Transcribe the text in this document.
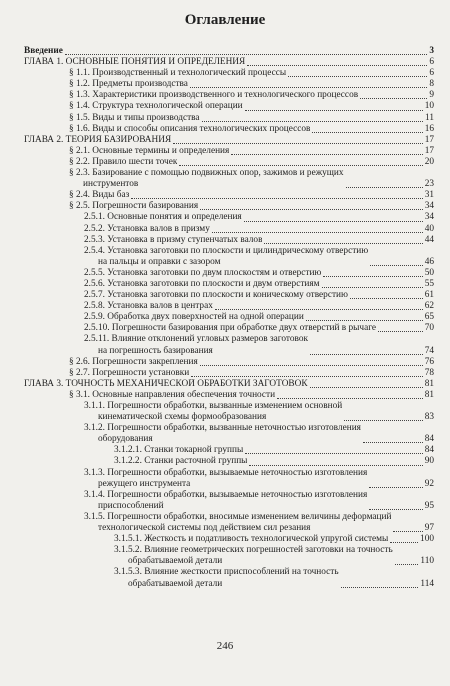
Оглавление
Введение	3
ГЛАВА 1. ОСНОВНЫЕ ПОНЯТИЯ И ОПРЕДЕЛЕНИЯ	6
§ 1.1. Производственный и технологический процессы	6
§ 1.2. Предметы производства	8
§ 1.3. Характеристики производственного и технологического процессов	9
§ 1.4. Структура технологической операции	10
§ 1.5. Виды и типы производства	11
§ 1.6. Виды и способы описания технологических процессов	16
ГЛАВА 2. ТЕОРИЯ БАЗИРОВАНИЯ	17
§ 2.1. Основные термины и определения	17
§ 2.2. Правило шести точек	20
§ 2.3. Базирование с помощью подвижных опор, зажимов и режущих
инструментов	23
§ 2.4. Виды баз	31
§ 2.5. Погрешности базирования	34
2.5.1. Основные понятия и определения	34
2.5.2. Установка валов в призму	40
2.5.3. Установка в призму ступенчатых валов	44
2.5.4. Установка заготовки по плоскости и цилиндрическому отверстию
на пальцы и оправки с зазором	46
2.5.5. Установка заготовки по двум плоскостям и отверстию	50
2.5.6. Установка заготовки по плоскости и двум отверстиям	55
2.5.7. Установка заготовки по плоскости и коническому отверстию	61
2.5.8. Установка валов в центрах	62
2.5.9. Обработка двух поверхностей на одной операции	65
2.5.10. Погрешности базирования при обработке двух отверстий в рычаге	70
2.5.11. Влияние отклонений угловых размеров заготовок
на погрешность базирования	74
§ 2.6. Погрешности закрепления	76
§ 2.7. Погрешности установки	78
ГЛАВА 3. ТОЧНОСТЬ МЕХАНИЧЕСКОЙ ОБРАБОТКИ ЗАГОТОВОК	81
§ 3.1. Основные направления обеспечения точности	81
3.1.1. Погрешности обработки, вызванные изменением основной
кинематической схемы формообразования	83
3.1.2. Погрешности обработки, вызванные неточностью изготовления
оборудования	84
3.1.2.1. Станки токарной группы	84
3.1.2.2. Станки расточной группы	90
3.1.3. Погрешности обработки, вызываемые неточностью изготовления
режущего инструмента	92
3.1.4. Погрешности обработки, вызываемые неточностью изготовления
приспособлений	95
3.1.5. Погрешности обработки, вносимые изменением величины деформаций
технологической системы под действием сил резания	97
3.1.5.1. Жесткость и податливость технологической упругой системы	100
3.1.5.2. Влияние геометрических погрешностей заготовки на точность
обрабатываемой детали	110
3.1.5.3. Влияние жесткости приспособлений на точность
обрабатываемой детали	114
246
